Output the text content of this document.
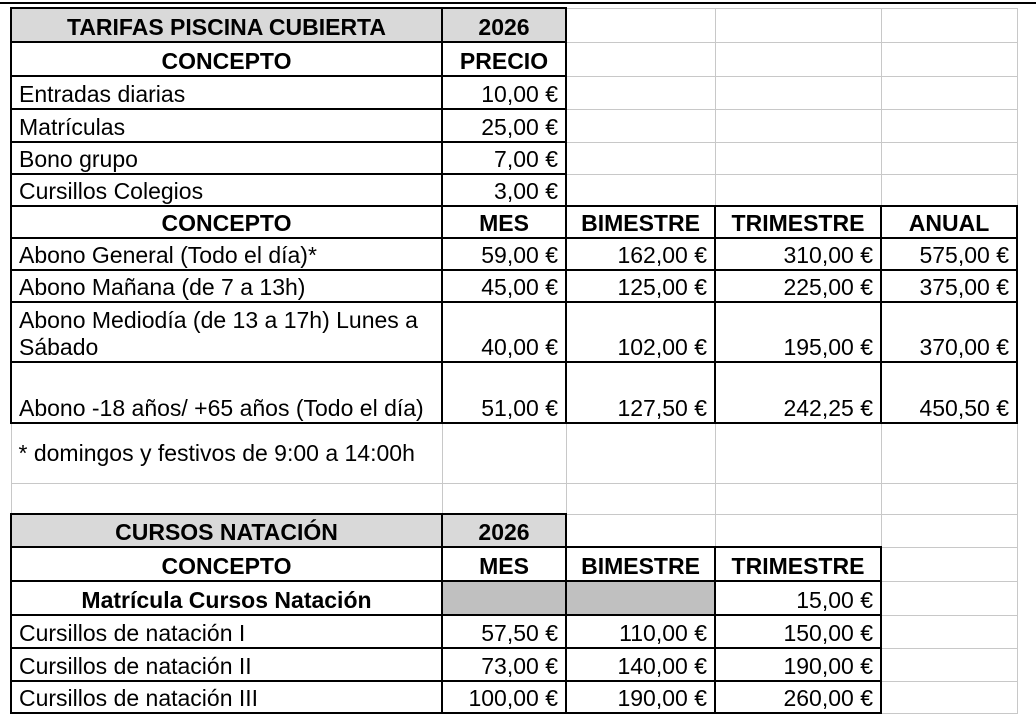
TARIFAS PISCINA CUBIERTA	2026			
CONCEPTO	PRECIO			
Entradas diarias	10,00 €			
Matrículas	25,00 €			
Bono grupo	7,00 €			
Cursillos Colegios	3,00 €			
CONCEPTO	MES	BIMESTRE	TRIMESTRE	ANUAL
Abono General (Todo el día)*	59,00 €	162,00 €	310,00 €	575,00 €
Abono Mañana (de 7 a 13h)	45,00 €	125,00 €	225,00 €	375,00 €
Abono Mediodía (de 13 a 17h) Lunes a Sábado	40,00 €	102,00 €	195,00 €	370,00 €
Abono -18 años/ +65 años (Todo el día)	51,00 €	127,50 €	242,25 €	450,50 €
* domingos y festivos de 9:00 a 14:00h				

CURSOS NATACIÓN	2026			
CONCEPTO	MES	BIMESTRE	TRIMESTRE	
Matrícula Cursos Natación			15,00 €	
Cursillos de natación I	57,50 €	110,00 €	150,00 €	
Cursillos de natación II	73,00 €	140,00 €	190,00 €	
Cursillos de natación III	100,00 €	190,00 €	260,00 €	
